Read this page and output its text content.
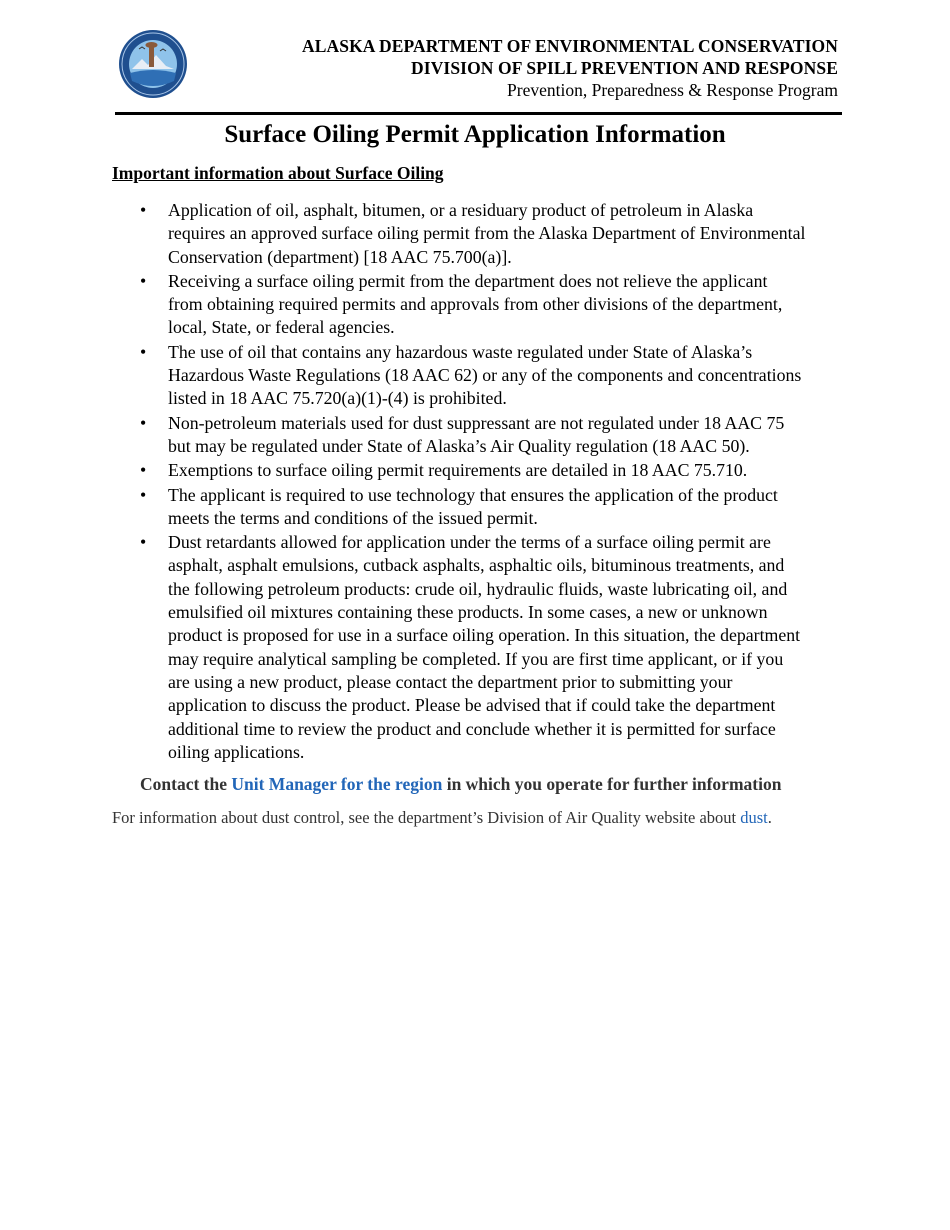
ALASKA DEPARTMENT OF ENVIRONMENTAL CONSERVATION
DIVISION OF SPILL PREVENTION AND RESPONSE
Prevention, Preparedness & Response Program
Surface Oiling Permit Application Information
Important information about Surface Oiling
• Application of oil, asphalt, bitumen, or a residuary product of petroleum in Alaska
requires an approved surface oiling permit from the Alaska Department of Environmental
Conservation (department) [18 AAC 75.700(a)].
• Receiving a surface oiling permit from the department does not relieve the applicant
from obtaining required permits and approvals from other divisions of the department,
local, State, or federal agencies.
• The use of oil that contains any hazardous waste regulated under State of Alaska’s
Hazardous Waste Regulations (18 AAC 62) or any of the components and concentrations
listed in 18 AAC 75.720(a)(1)-(4) is prohibited.
• Non-petroleum materials used for dust suppressant are not regulated under 18 AAC 75
but may be regulated under State of Alaska’s Air Quality regulation (18 AAC 50).
• Exemptions to surface oiling permit requirements are detailed in 18 AAC 75.710.
• The applicant is required to use technology that ensures the application of the product
meets the terms and conditions of the issued permit.
• Dust retardants allowed for application under the terms of a surface oiling permit are
asphalt, asphalt emulsions, cutback asphalts, asphaltic oils, bituminous treatments, and
the following petroleum products: crude oil, hydraulic fluids, waste lubricating oil, and
emulsified oil mixtures containing these products. In some cases, a new or unknown
product is proposed for use in a surface oiling operation. In this situation, the department
may require analytical sampling be completed. If you are first time applicant, or if you
are using a new product, please contact the department prior to submitting your
application to discuss the product. Please be advised that if could take the department
additional time to review the product and conclude whether it is permitted for surface
oiling applications.
Contact the Unit Manager for the region in which you operate for further information
For information about dust control, see the department’s Division of Air Quality website about dust.
